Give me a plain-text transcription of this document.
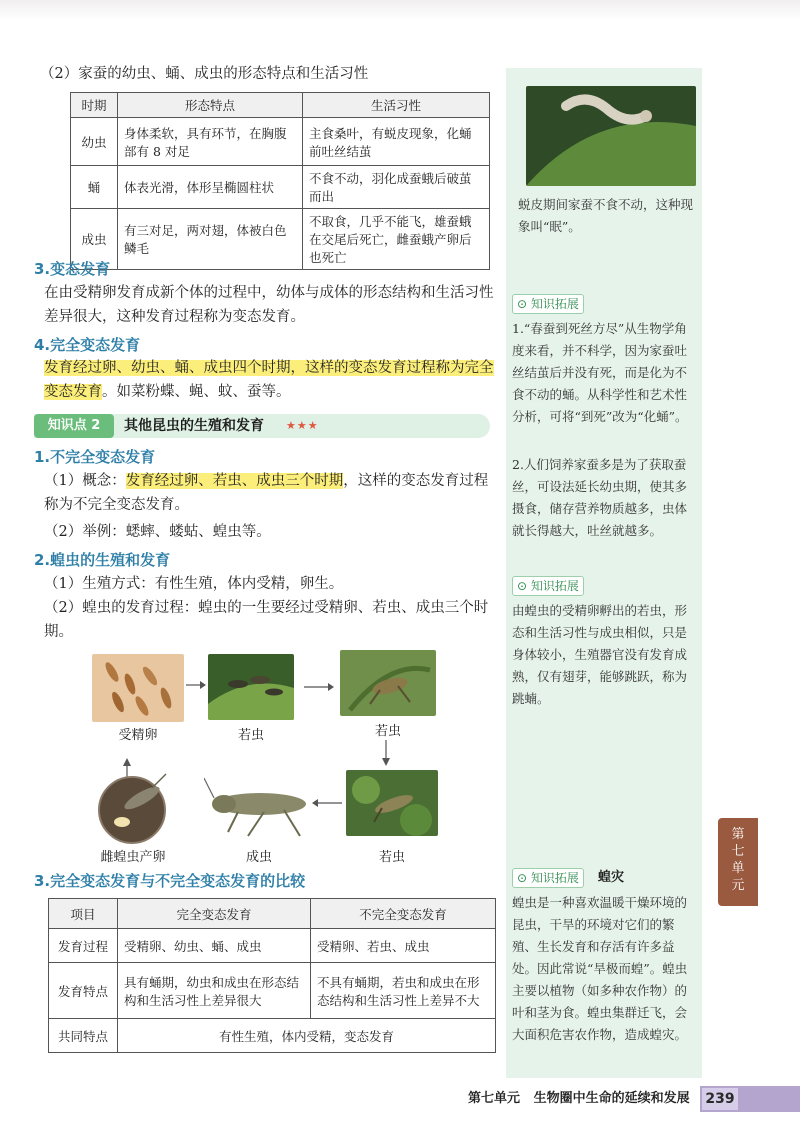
（2）家蚕的幼虫、蛹、成虫的形态特点和生活习性
时期	形态特点	生活习性
幼虫	身体柔软，具有环节，在胸腹部有 8 对足	主食桑叶，有蜕皮现象，化蛹前吐丝结茧
蛹	体表光滑，体形呈椭圆柱状	不食不动，羽化成蚕蛾后破茧而出
成虫	有三对足，两对翅，体被白色鳞毛	不取食，几乎不能飞，雄蚕蛾在交尾后死亡，雌蚕蛾产卵后也死亡
3.变态发育
在由受精卵发育成新个体的过程中，幼体与成体的形态结构和生活习性差异很大，这种发育过程称为变态发育。
4.完全变态发育
发育经过卵、幼虫、蛹、成虫四个时期，这样的变态发育过程称为完全变态发育。如菜粉蝶、蝇、蚊、蚕等。
知识点 2	其他昆虫的生殖和发育 ★★★
1.不完全变态发育
（1）概念：发育经过卵、若虫、成虫三个时期，这样的变态发育过程称为不完全变态发育。
（2）举例：蟋蟀、蝼蛄、蝗虫等。
2.蝗虫的生殖和发育
（1）生殖方式：有性生殖，体内受精，卵生。
（2）蝗虫的发育过程：蝗虫的一生要经过受精卵、若虫、成虫三个时期。
受精卵	若虫	若虫
若虫
成虫
雌蝗虫产卵
3.完全变态发育与不完全变态发育的比较
项目	完全变态发育	不完全变态发育
发育过程	受精卵、幼虫、蛹、成虫	受精卵、若虫、成虫
发育特点	具有蛹期，幼虫和成虫在形态结构和生活习性上差异很大	不具有蛹期，若虫和成虫在形态结构和生活习性上差异不大
共同特点	有性生殖，体内受精，变态发育	
蜕皮期间家蚕不食不动，这种现象叫“眠”。
⊙ 知识拓展
1.“春蚕到死丝方尽”从生物学角度来看，并不科学，因为家蚕吐丝结茧后并没有死，而是化为不食不动的蛹。从科学性和艺术性分析，可将“到死”改为“化蛹”。
2.人们饲养家蚕多是为了获取蚕丝，可设法延长幼虫期，使其多摄食，储存营养物质越多，虫体就长得越大，吐丝就越多。
⊙ 知识拓展
由蝗虫的受精卵孵出的若虫，形态和生活习性与成虫相似，只是身体较小，生殖器官没有发育成熟，仅有翅芽，能够跳跃，称为跳蝻。
⊙ 知识拓展	蝗灾
蝗虫是一种喜欢温暖干燥环境的昆虫，干旱的环境对它们的繁殖、生长发育和存活有许多益处。因此常说“旱极而蝗”。蝗虫主要以植物（如多种农作物）的叶和茎为食。蝗虫集群迁飞，会大面积危害农作物，造成蝗灾。
第七单元
第七单元 生物圈中生命的延续和发展 239
